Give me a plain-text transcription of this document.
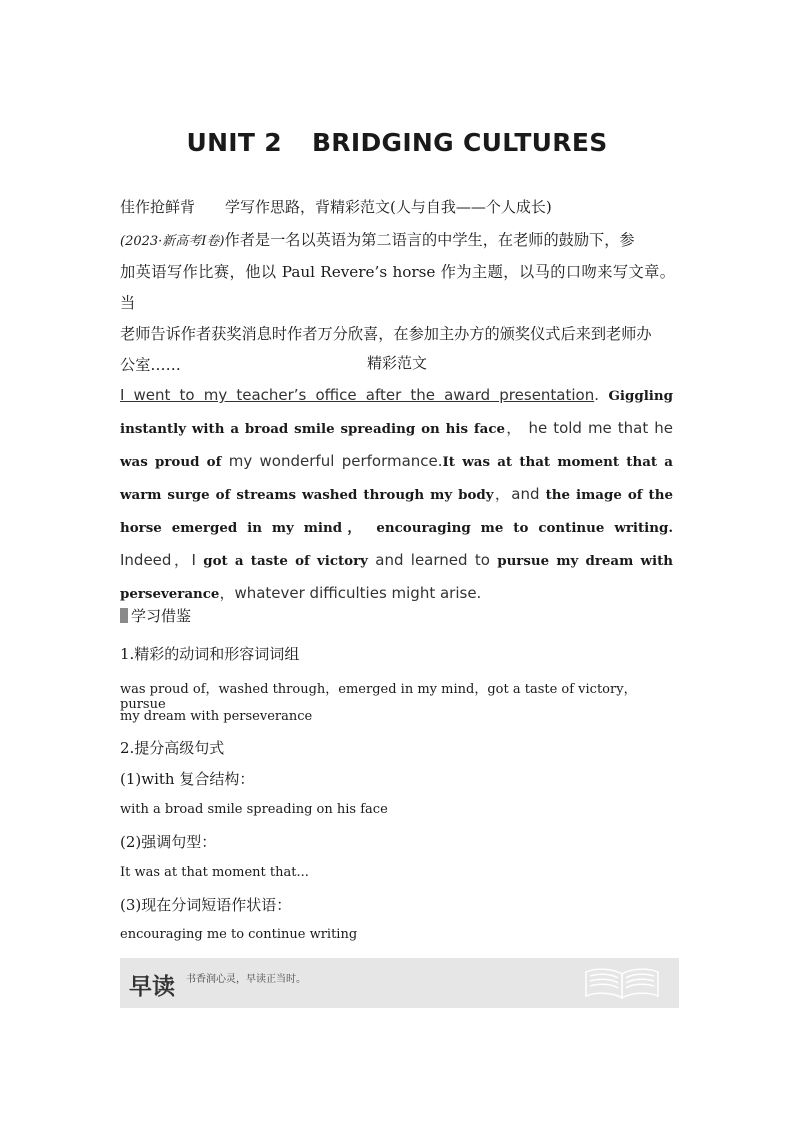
UNIT 2 BRIDGING CULTURES
佳作抢鲜背 学写作思路，背精彩范文(人与自我——个人成长)
(2023·新高考Ⅰ卷)作者是一名以英语为第二语言的中学生，在老师的鼓励下，参
加英语写作比赛，他以 Paul Revere’s horse 作为主题，以马的口吻来写文章。当
老师告诉作者获奖消息时作者万分欣喜，在参加主办方的颁奖仪式后来到老师办
公室……	精彩范文
I went to my teacher’s office after the award presentation. Giggling instantly with a broad smile spreading on his face， he told me that he was proud of my wonderful performance.It was at that moment that a warm surge of streams washed through my body，and the image of the horse emerged in my mind， encouraging me to continue writing. Indeed，I got a taste of victory and learned to pursue my dream with perseverance，whatever difficulties might arise.
学习借鉴
1.精彩的动词和形容词词组
was proud of，washed through，emerged in my mind，got a taste of victory，pursue
my dream with perseverance
2.提分高级句式
(1)with 复合结构：
with a broad smile spreading on his face
(2)强调句型：
It was at that moment that...
(3)现在分词短语作状语：
encouraging me to continue writing
早读 书香润心灵，早读正当时。
